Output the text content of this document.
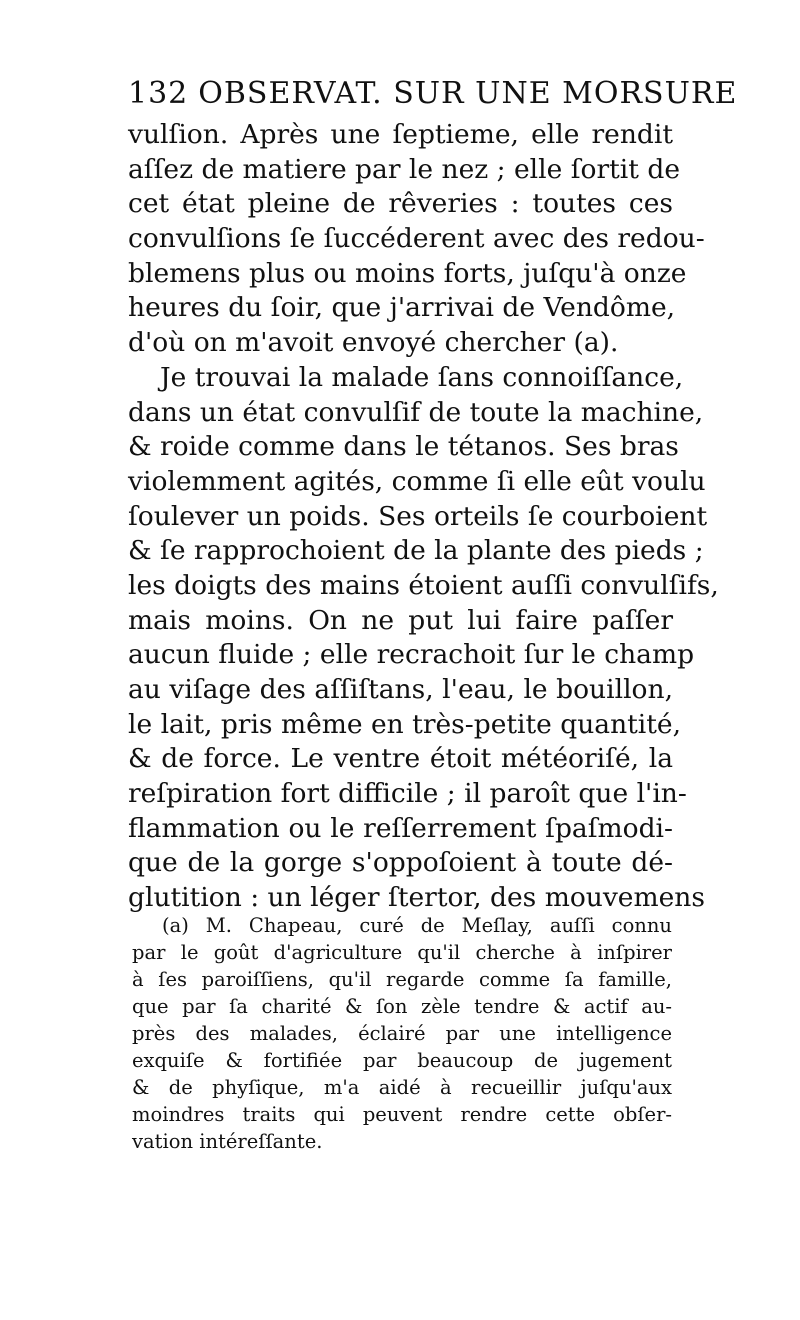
132 OBSERVAT. SUR UNE MORSURE
vulſion. Après une ſeptieme, elle rendit
aſſez de matiere par le nez ; elle ſortit de
cet état pleine de rêveries : toutes ces
convulſions ſe ſuccéderent avec des redou-
blemens plus ou moins forts, juſqu'à onze
heures du ſoir, que j'arrivai de Vendôme,
d'où on m'avoit envoyé chercher (a).
Je trouvai la malade ſans connoiſſance,
dans un état convulſif de toute la machine,
& roide comme dans le tétanos. Ses bras
violemment agités, comme ſi elle eût voulu
ſoulever un poids. Ses orteils ſe courboient
& ſe rapprochoient de la plante des pieds ;
les doigts des mains étoient auſſi convulſifs,
mais moins. On ne put lui faire paſſer
aucun fluide ; elle recrachoit ſur le champ
au viſage des aſſiſtans, l'eau, le bouillon,
le lait, pris même en très-petite quantité,
& de force. Le ventre étoit météoriſé, la
reſpiration fort difficile ; il paroît que l'in-
flammation ou le reſſerrement ſpaſmodi-
que de la gorge s'oppoſoient à toute dé-
glutition : un léger ſtertor, des mouvemens
(a) M. Chapeau, curé de Meſlay, auſſi connu
par le goût d'agriculture qu'il cherche à inſpirer
à ſes paroiſſiens, qu'il regarde comme ſa famille,
que par ſa charité & ſon zèle tendre & actif au-
près des malades, éclairé par une intelligence
exquiſe & fortifiée par beaucoup de jugement
& de phyſique, m'a aidé à recueillir juſqu'aux
moindres traits qui peuvent rendre cette obſer-
vation intéreſſante.
